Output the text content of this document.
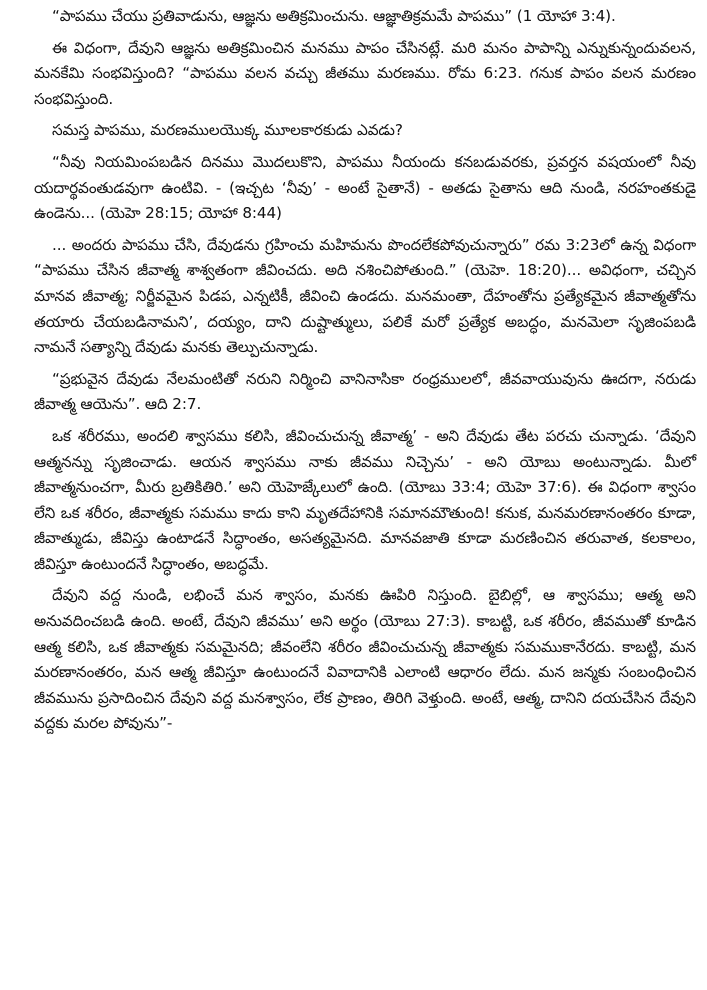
“పాపము చేయు ప్రతివాడును, ఆజ్ఞను అతిక్రమించును. ఆజ్ఞాతిక్రమమే పాపము” (1 యోహా 3:4).

ఈ విధంగా, దేవుని ఆజ్ఞను అతిక్రమించిన మనము పాపం చేసినట్లే. మరి మనం పాపాన్ని ఎన్నుకున్నందువలన, మనకేమి సంభవిస్తుంది? “పాపము వలన వచ్చు జీతము మరణము. రోమ 6:23. గనుక పాపం వలన మరణం సంభవిస్తుంది.

సమస్త పాపము, మరణములయొక్క మూలకారకుడు ఎవడు?

“నీవు నియమింపబడిన దినము మొదలుకొని, పాపము నీయందు కనబడువరకు, ప్రవర్తన వషయంలో నీవు యదార్థవంతుడవుగా ఉంటివి. - (ఇచ్చట ‘నీవు’ - అంటే సైతానే) - అతడు సైతాను ఆది నుండి, నరహంతకుడై ఉండెను... (యెహె 28:15; యోహా 8:44)

... అందరు పాపము చేసి, దేవుడను గ్రహించు మహిమను పొందలేకపోవుచున్నారు” రమ 3:23లో ఉన్న విధంగా “పాపము చేసిన జీవాత్మ శాశ్వతంగా జీవించదు. అది నశించిపోతుంది.” (యెహె. 18:20)... అవిధంగా, చచ్చిన మానవ జీవాత్మ; నిర్జీవమైన పిడప, ఎన్నటికీ, జీవించి ఉండదు. మనమంతా, దేహంతోను ప్రత్యేకమైన జీవాత్మతోను తయారు చేయబడినామని’, దయ్యం, దాని దుష్టాత్ములు, పలికే మరో ప్రత్యేక అబద్ధం, మనమెలా సృజింపబడి నామనే సత్యాన్ని దేవుడు మనకు తెల్పుచున్నాడు.

“ప్రభువైన దేవుడు నేలమంటితో నరుని నిర్మించి వానినాసికా రంధ్రములలో, జీవవాయువును ఊదగా, నరుడు జీవాత్మ ఆయెను”. ఆది 2:7.

ఒక శరీరము, అందలి శ్వాసము కలిసి, జీవించుచున్న జీవాత్మ’ - అని దేవుడు తేట పరచు చున్నాడు. ‘దేవుని ఆత్మనన్ను సృజించాడు. ఆయన శ్వాసము నాకు జీవము నిచ్చెను’ - అని యోబు అంటున్నాడు. మీలో జీవాత్మనుంచగా, మీరు బ్రతికితిరి.’ అని యెహెజ్కేలులో ఉంది. (యోబు 33:4; యెహె 37:6). ఈ విధంగా శ్వాసం లేని ఒక శరీరం, జీవాత్మకు సమము కాదు కాని మృతదేహానికి సమానమౌతుంది! కనుక, మనమరణానంతరం కూడా, జీవాత్ముడు, జీవిస్తు ఉంటాడనే సిద్ధాంతం, అసత్యమైనది. మానవజాతి కూడా మరణించిన తరువాత, కలకాలం, జీవిస్తూ ఉంటుందనే సిద్ధాంతం, అబద్ధమే.

దేవుని వద్ద నుండి, లభించే మన శ్వాసం, మనకు ఊపిరి నిస్తుంది. బైబిల్లో, ఆ శ్వాసము; ఆత్మ అని అనువదించబడి ఉంది. అంటే, దేవుని జీవము’ అని అర్థం (యోబు 27:3). కాబట్టి, ఒక శరీరం, జీవముతో కూడిన ఆత్మ కలిసి, ఒక జీవాత్మకు సమమైనది; జీవంలేని శరీరం జీవించుచున్న జీవాత్మకు సమముకానేరదు. కాబట్టి, మన మరణానంతరం, మన ఆత్మ జీవిస్తూ ఉంటుందనే వివాదానికి ఎలాంటి ఆధారం లేదు. మన జన్మకు సంబంధించిన జీవమును ప్రసాదించిన దేవుని వద్ద మనశ్వాసం, లేక ప్రాణం, తిరిగి వెళ్తుంది. అంటే, ఆత్మ, దానిని దయచేసిన దేవుని వద్దకు మరల పోవును”-
